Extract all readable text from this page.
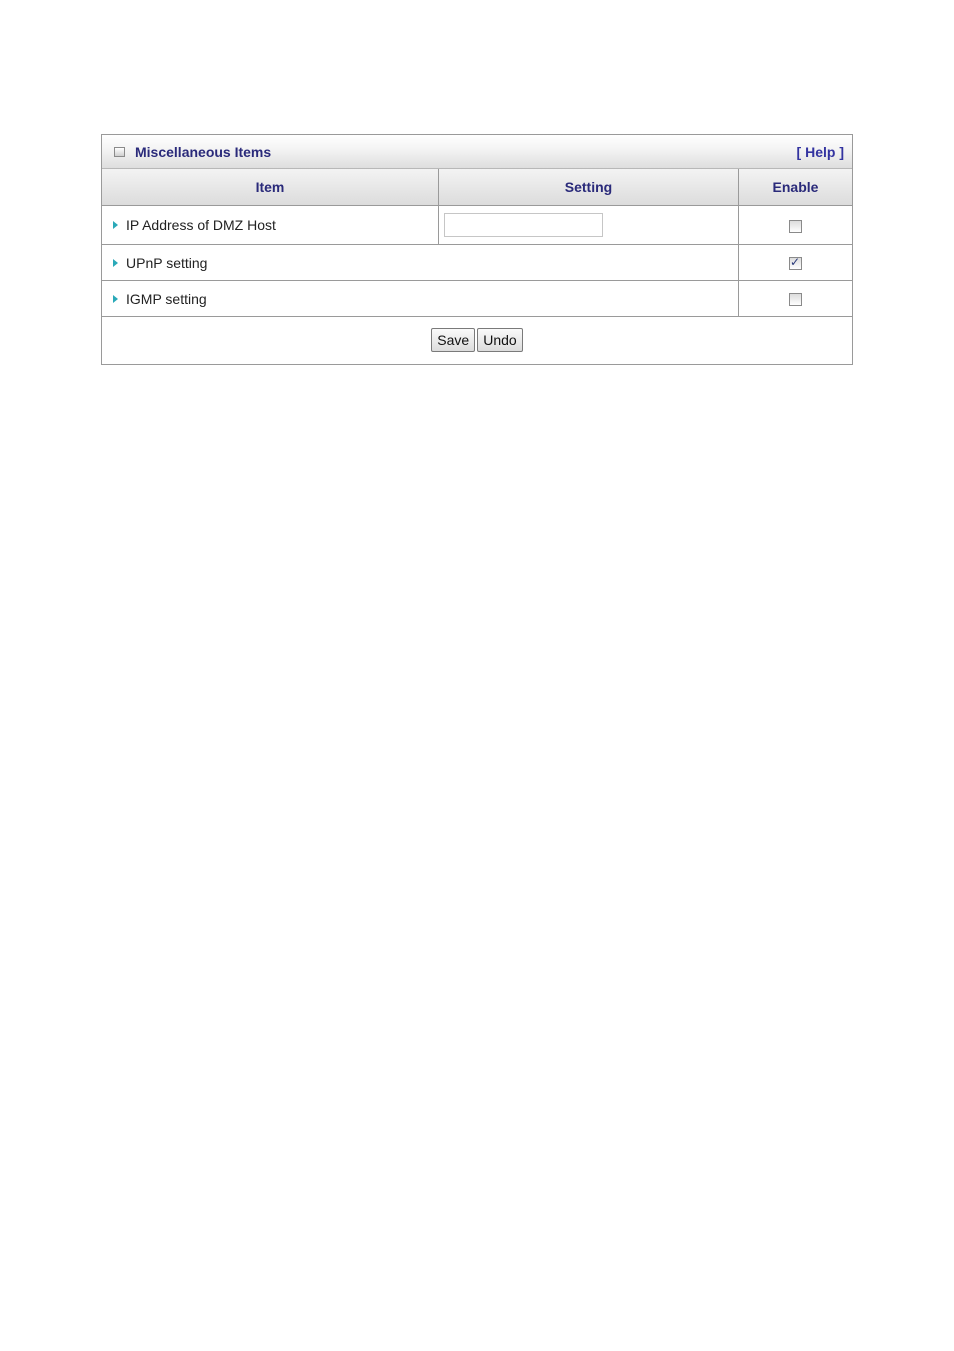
Miscellaneous Items	[ Help ]
Item	Setting	Enable
IP Address of DMZ Host		
UPnP setting	✓
IGMP setting		
Save Undo		
